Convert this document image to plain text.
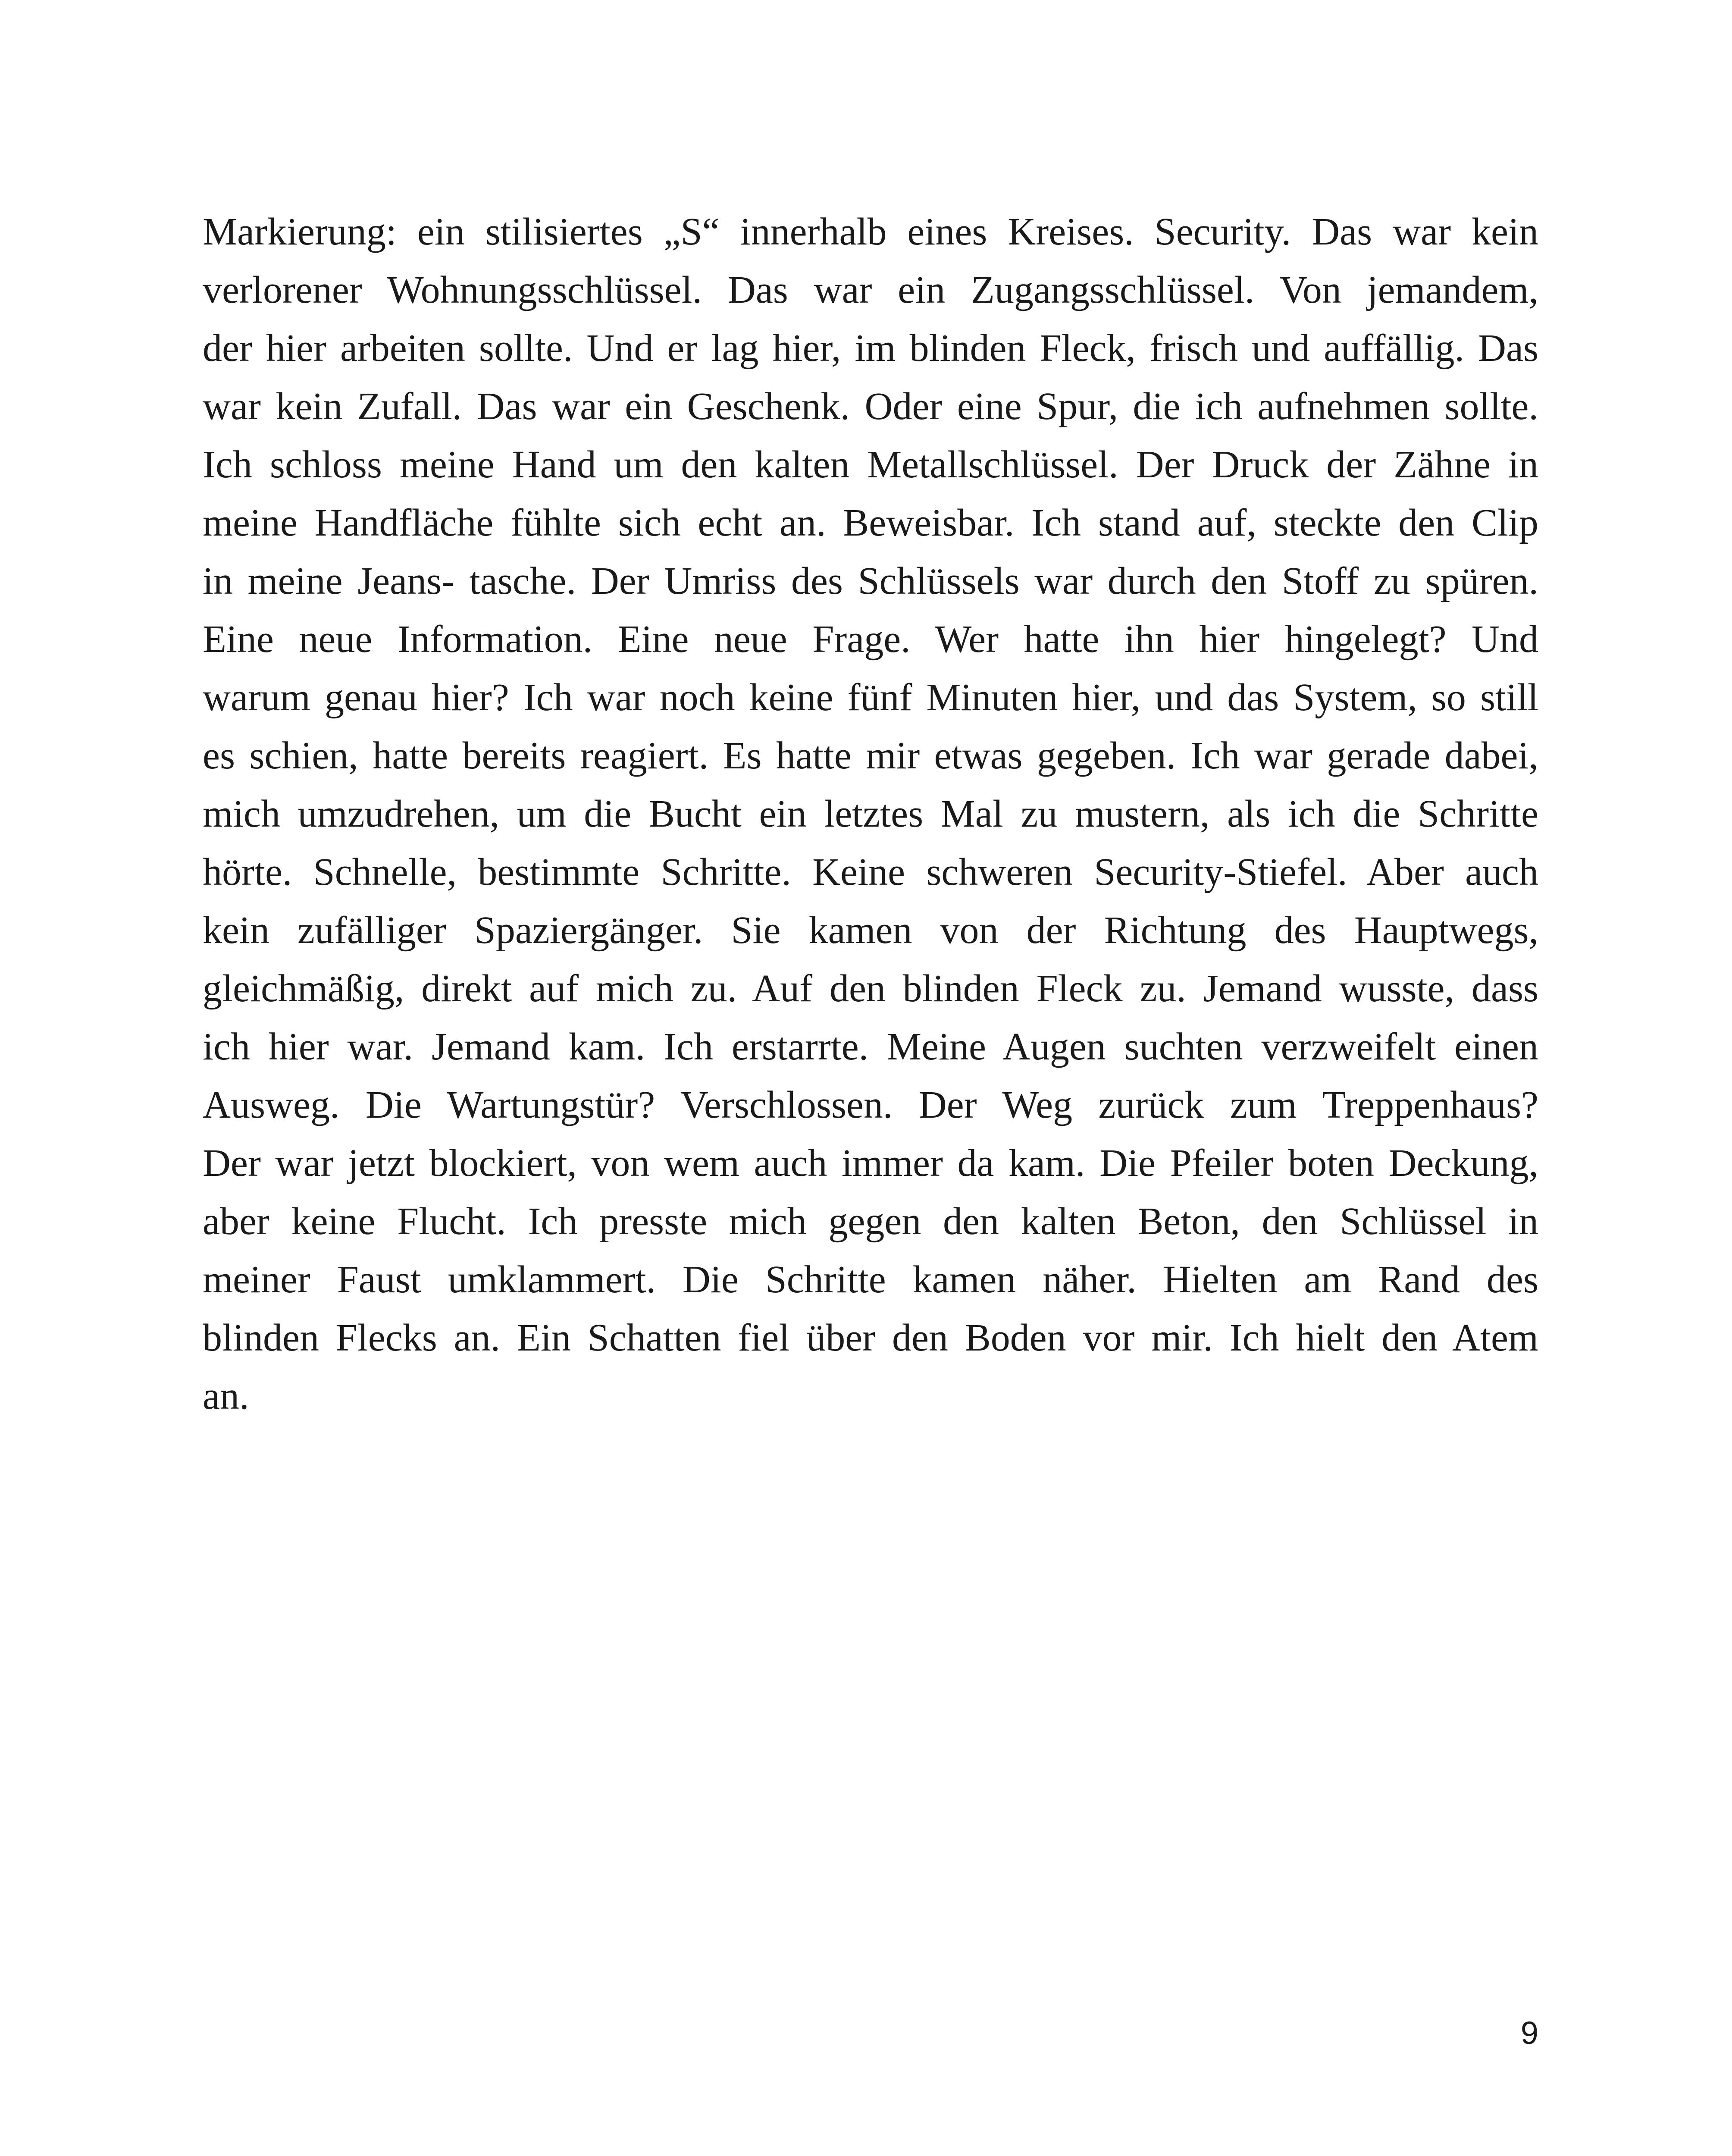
Markierung: ein stilisiertes „S“ innerhalb eines Kreises. Security. Das war kein
verlorener Wohnungsschlüssel. Das war ein Zugangsschlüssel. Von jemandem,
der hier arbeiten sollte. Und er lag hier, im blinden Fleck, frisch und auffällig. Das
war kein Zufall. Das war ein Geschenk. Oder eine Spur, die ich aufnehmen sollte.
Ich schloss meine Hand um den kalten Metallschlüssel. Der Druck der Zähne in
meine Handfläche fühlte sich echt an. Beweisbar. Ich stand auf, steckte den Clip
in meine Jeans- tasche. Der Umriss des Schlüssels war durch den Stoff zu spüren.
Eine neue Information. Eine neue Frage. Wer hatte ihn hier hingelegt? Und
warum genau hier? Ich war noch keine fünf Minuten hier, und das System, so still
es schien, hatte bereits reagiert. Es hatte mir etwas gegeben. Ich war gerade dabei,
mich umzudrehen, um die Bucht ein letztes Mal zu mustern, als ich die Schritte
hörte. Schnelle, bestimmte Schritte. Keine schweren Security-Stiefel. Aber auch
kein zufälliger Spaziergänger. Sie kamen von der Richtung des Hauptwegs,
gleichmäßig, direkt auf mich zu. Auf den blinden Fleck zu. Jemand wusste, dass
ich hier war. Jemand kam. Ich erstarrte. Meine Augen suchten verzweifelt einen
Ausweg. Die Wartungstür? Verschlossen. Der Weg zurück zum Treppenhaus?
Der war jetzt blockiert, von wem auch immer da kam. Die Pfeiler boten Deckung,
aber keine Flucht. Ich presste mich gegen den kalten Beton, den Schlüssel in
meiner Faust umklammert. Die Schritte kamen näher. Hielten am Rand des
blinden Flecks an. Ein Schatten fiel über den Boden vor mir. Ich hielt den Atem
an.
9
